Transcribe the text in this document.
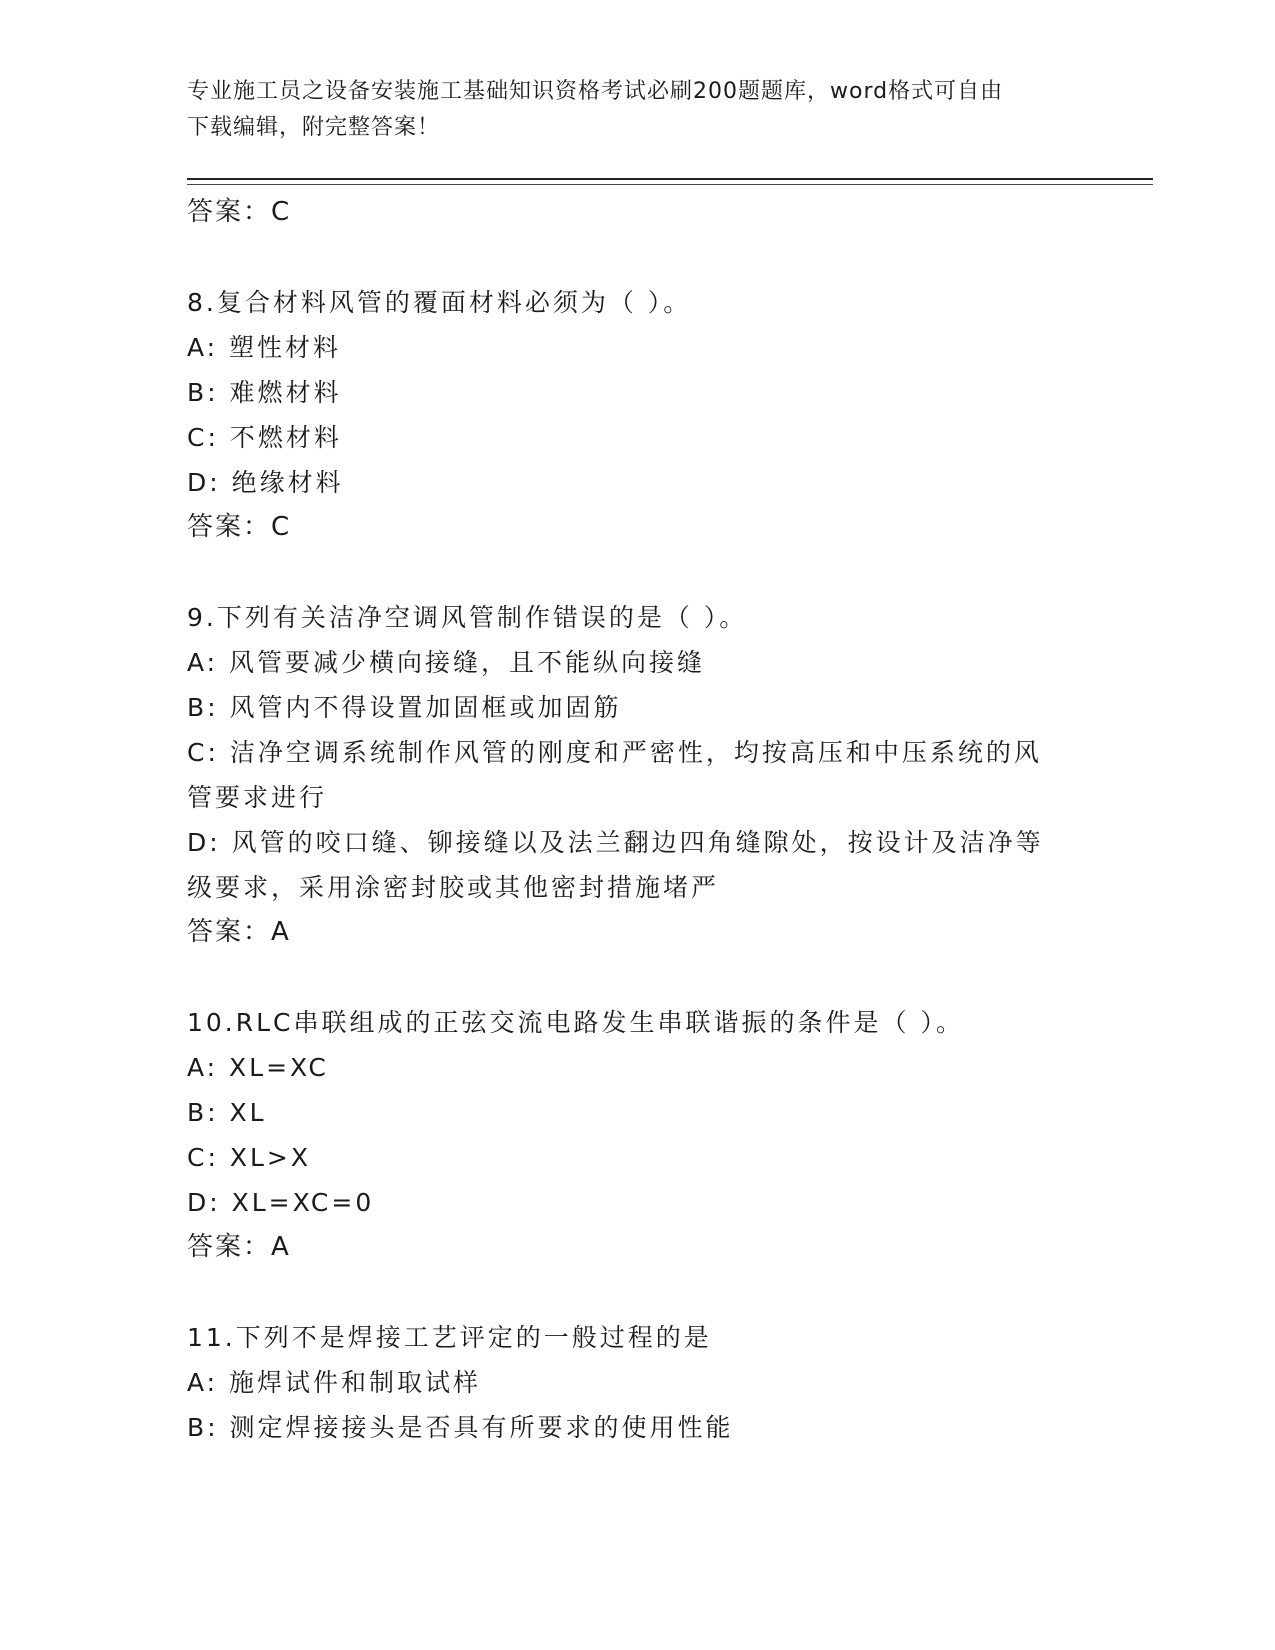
专业施工员之设备安装施工基础知识资格考试必刷200题题库，word格式可自由
下载编辑，附完整答案！
答案：C
8.复合材料风管的覆面材料必须为（ ）。
A: 塑性材料
B: 难燃材料
C: 不燃材料
D: 绝缘材料
答案：C
9.下列有关洁净空调风管制作错误的是（ ）。
A: 风管要减少横向接缝，且不能纵向接缝
B: 风管内不得设置加固框或加固筋
C: 洁净空调系统制作风管的刚度和严密性，均按高压和中压系统的风
管要求进行
D: 风管的咬口缝、铆接缝以及法兰翻边四角缝隙处，按设计及洁净等
级要求，采用涂密封胶或其他密封措施堵严
答案：A
10.RLC串联组成的正弦交流电路发生串联谐振的条件是（ ）。
A: XL=XC
B: XL
C: XL>X
D: XL=XC=0
答案：A
11.下列不是焊接工艺评定的一般过程的是
A: 施焊试件和制取试样
B: 测定焊接接头是否具有所要求的使用性能
